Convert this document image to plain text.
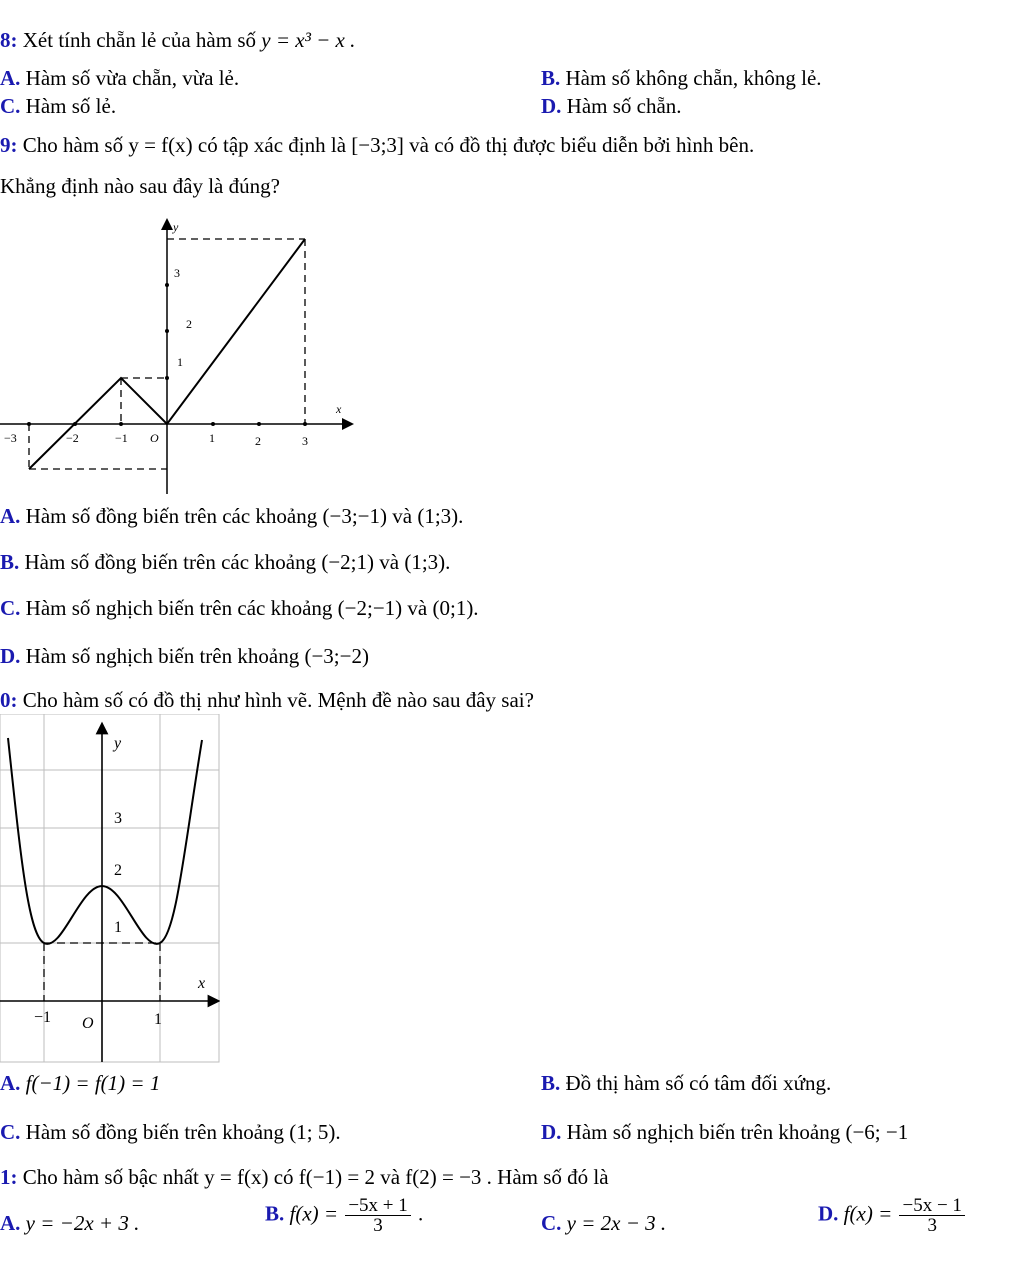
8: Xét tính chẵn lẻ của hàm số y = x³ − x .
A. Hàm số vừa chẵn, vừa lẻ.	B. Hàm số không chẵn, không lẻ.
C. Hàm số lẻ.	D. Hàm số chẵn.
9: Cho hàm số y = f(x) có tập xác định là [−3;3] và có đồ thị được biểu diễn bởi hình bên.
Khẳng định nào sau đây là đúng?
−3	−2	−1 O	1	2	3
1
2
3
x
y
A. Hàm số đồng biến trên các khoảng (−3;−1) và (1;3).
B. Hàm số đồng biến trên các khoảng (−2;1) và (1;3).
C. Hàm số nghịch biến trên các khoảng (−2;−1) và (0;1).
D. Hàm số nghịch biến trên khoảng (−3;−2)
0: Cho hàm số có đồ thị như hình vẽ. Mệnh đề nào sau đây sai?
y
3
2
1
x
−1 O	1
A. f(−1) = f(1) = 1	B. Đồ thị hàm số có tâm đối xứng.
C. Hàm số đồng biến trên khoảng (1; 5).	D. Hàm số nghịch biến trên khoảng (−6; −1
1: Cho hàm số bậc nhất y = f(x) có f(−1) = 2 và f(2) = −3 . Hàm số đó là
A. y = −2x + 3 .	B. $f(x) = \frac{-5x + 1}{3}$ .	C. y = 2x − 3 .	D. $f(x) = \frac{-5x - 1}{3}$
